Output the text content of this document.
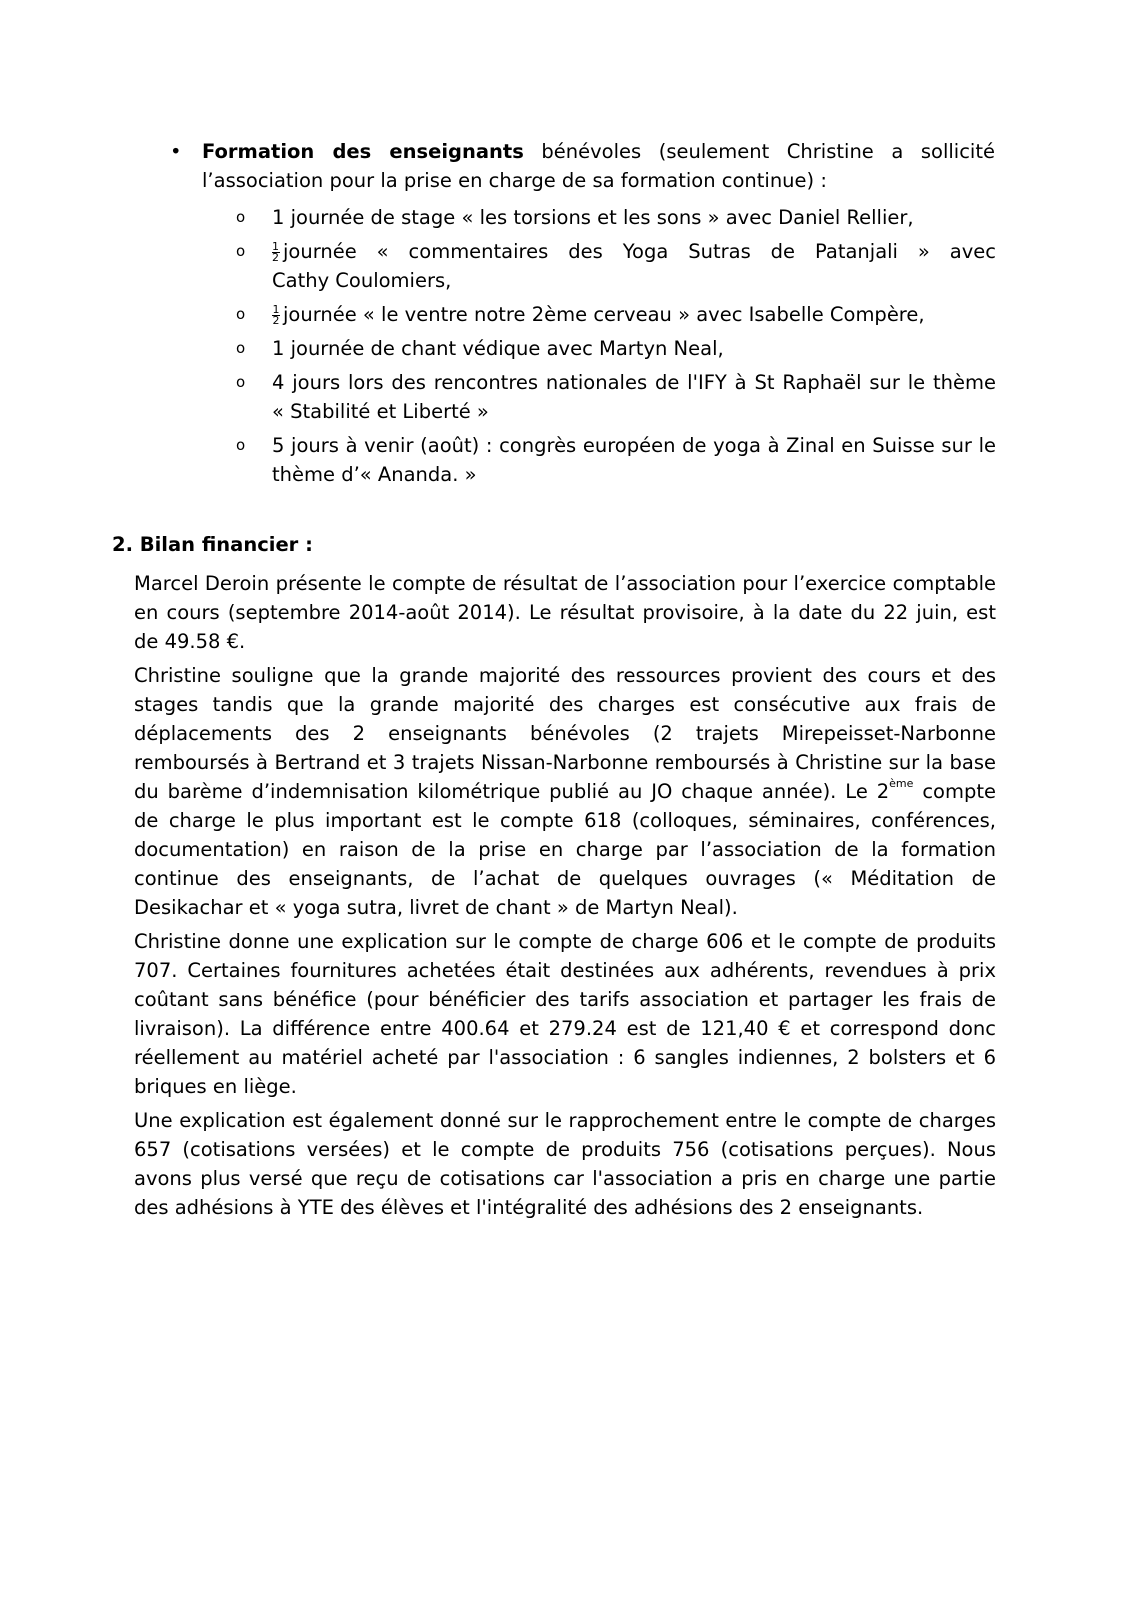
•	Formation des enseignants bénévoles (seulement Christine a sollicité
l’association pour la prise en charge de sa formation continue) :
o 1 journée de stage « les torsions et les sons » avec Daniel Rellier,
o $\frac{1}{2}$ journée « commentaires des Yoga Sutras de Patanjali » avec
Cathy Coulomiers,
o $\frac{1}{2}$ journée « le ventre notre 2ème cerveau » avec Isabelle Compère,
o 1 journée de chant védique avec Martyn Neal,
o 4 jours lors des rencontres nationales de l'IFY à St Raphaël sur le thème
« Stabilité et Liberté »
o 5 jours à venir (août) : congrès européen de yoga à Zinal en Suisse sur le
thème d’« Ananda. »
2. Bilan financier :

Marcel Deroin présente le compte de résultat de l’association pour l’exercice comptable en cours (septembre 2014-août 2014). Le résultat provisoire, à la date du 22 juin, est de 49.58 €.

Christine souligne que la grande majorité des ressources provient des cours et des stages tandis que la grande majorité des charges est consécutive aux frais de déplacements des 2 enseignants bénévoles (2 trajets Mirepeisset-Narbonne remboursés à Bertrand et 3 trajets Nissan-Narbonne remboursés à Christine sur la base du barème d’indemnisation kilométrique publié au JO chaque année). Le 2ème compte de charge le plus important est le compte 618 (colloques, séminaires, conférences, documentation) en raison de la prise en charge par l’association de la formation continue des enseignants, de l’achat de quelques ouvrages (« Méditation de Desikachar et « yoga sutra, livret de chant » de Martyn Neal).

Christine donne une explication sur le compte de charge 606 et le compte de produits 707. Certaines fournitures achetées était destinées aux adhérents, revendues à prix coûtant sans bénéfice (pour bénéficier des tarifs association et partager les frais de livraison). La différence entre 400.64 et 279.24 est de 121,40 € et correspond donc réellement au matériel acheté par l'association : 6 sangles indiennes, 2 bolsters et 6 briques en liège.

Une explication est également donné sur le rapprochement entre le compte de charges 657 (cotisations versées) et le compte de produits 756 (cotisations perçues). Nous avons plus versé que reçu de cotisations car l'association a pris en charge une partie des adhésions à YTE des élèves et l'intégralité des adhésions des 2 enseignants.
